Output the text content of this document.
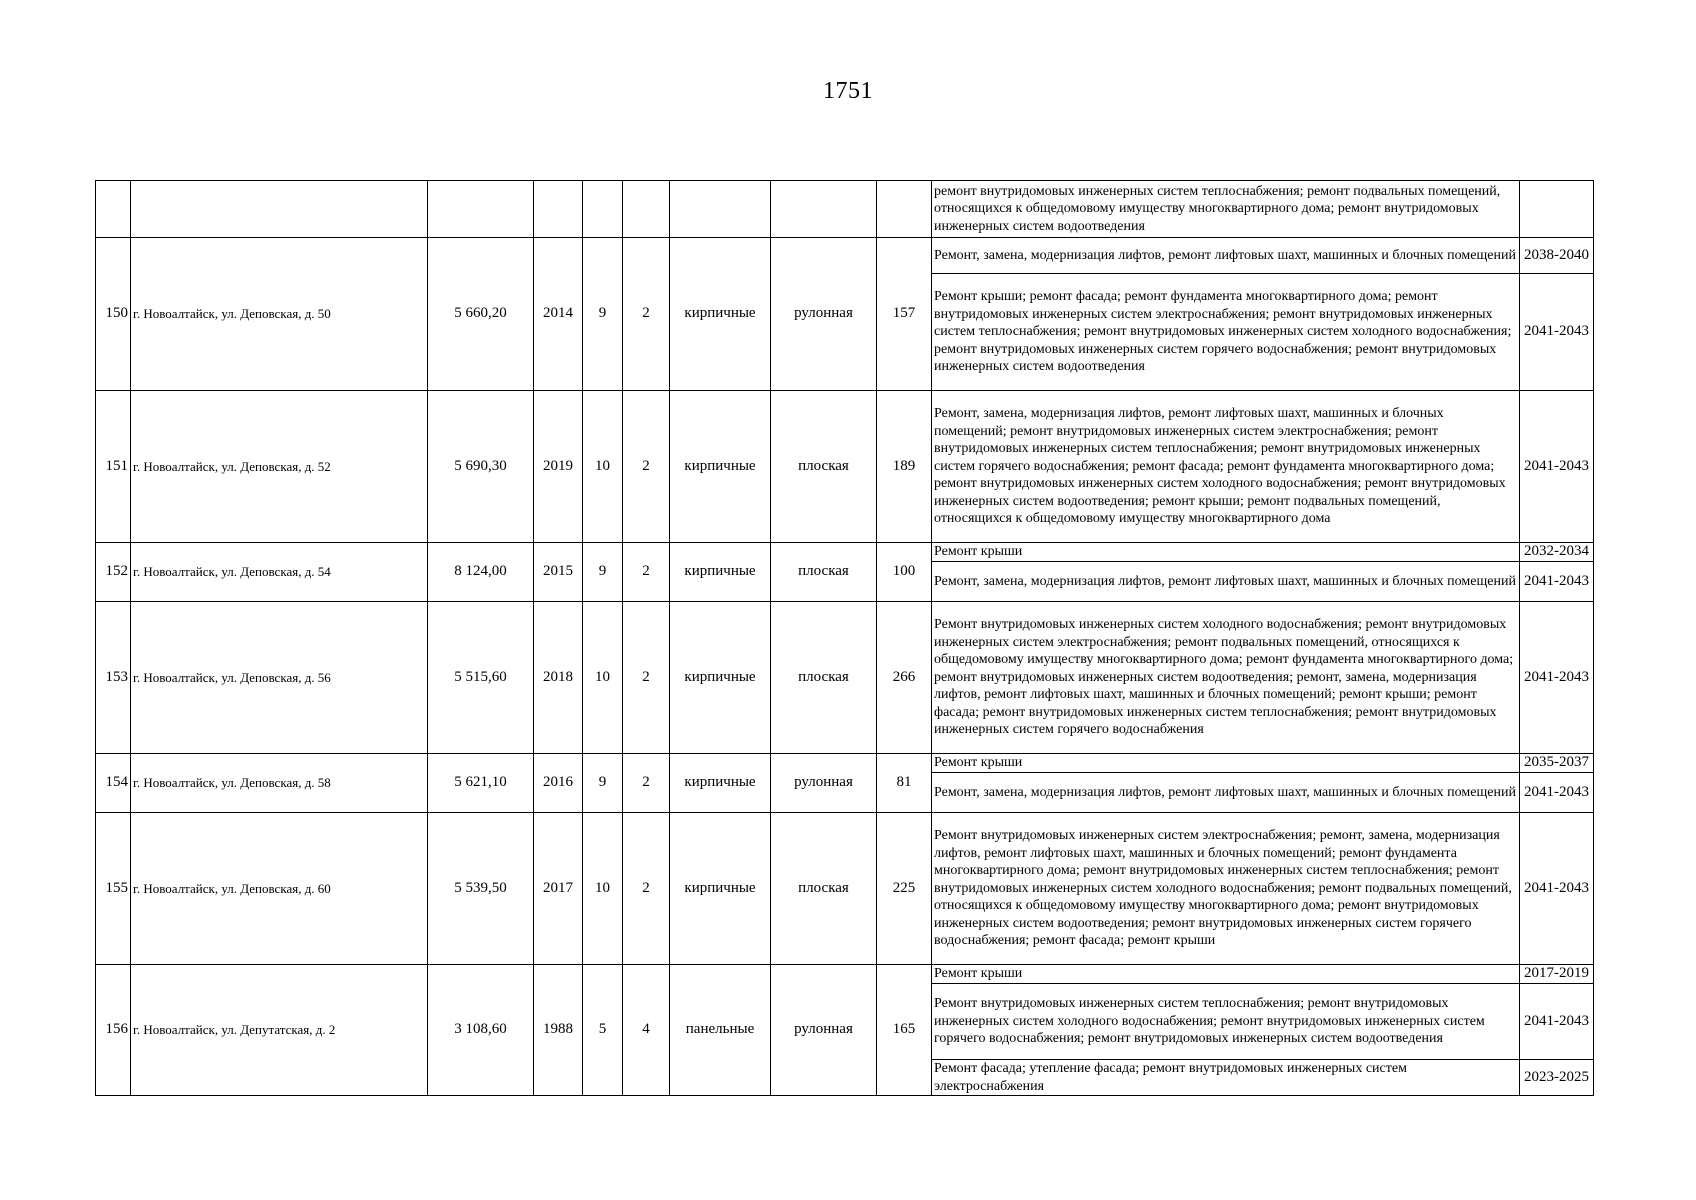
1751
									ремонт внутридомовых инженерных систем теплоснабжения; ремонт подвальных помещений, относящихся к общедомовому имуществу многоквартирного дома; ремонт внутридомовых инженерных систем водоотведения	
150	г. Новоалтайск, ул. Деповская, д. 50	5 660,20	2014	9	2	кирпичные	рулонная	157	Ремонт, замена, модернизация лифтов, ремонт лифтовых шахт, машинных и блочных помещений	2038-2040
									Ремонт крыши; ремонт фасада; ремонт фундамента многоквартирного дома; ремонт внутридомовых инженерных систем электроснабжения; ремонт внутридомовых инженерных систем теплоснабжения; ремонт внутридомовых инженерных систем холодного водоснабжения; ремонт внутридомовых инженерных систем горячего водоснабжения; ремонт внутридомовых инженерных систем водоотведения	2041-2043
151	г. Новоалтайск, ул. Деповская, д. 52	5 690,30	2019	10	2	кирпичные	плоская	189	Ремонт, замена, модернизация лифтов, ремонт лифтовых шахт, машинных и блочных помещений; ремонт внутридомовых инженерных систем электроснабжения; ремонт внутридомовых инженерных систем теплоснабжения; ремонт внутридомовых инженерных систем горячего водоснабжения; ремонт фасада; ремонт фундамента многоквартирного дома; ремонт внутридомовых инженерных систем холодного водоснабжения; ремонт внутридомовых инженерных систем водоотведения; ремонт крыши; ремонт подвальных помещений, относящихся к общедомовому имуществу многоквартирного дома	2041-2043
152	г. Новоалтайск, ул. Деповская, д. 54	8 124,00	2015	9	2	кирпичные	плоская	100	Ремонт крыши	2032-2034
									Ремонт, замена, модернизация лифтов, ремонт лифтовых шахт, машинных и блочных помещений	2041-2043
153	г. Новоалтайск, ул. Деповская, д. 56	5 515,60	2018	10	2	кирпичные	плоская	266	Ремонт внутридомовых инженерных систем холодного водоснабжения; ремонт внутридомовых инженерных систем электроснабжения; ремонт подвальных помещений, относящихся к общедомовому имуществу многоквартирного дома; ремонт фундамента многоквартирного дома; ремонт внутридомовых инженерных систем водоотведения; ремонт, замена, модернизация лифтов, ремонт лифтовых шахт, машинных и блочных помещений; ремонт крыши; ремонт фасада; ремонт внутридомовых инженерных систем теплоснабжения; ремонт внутридомовых инженерных систем горячего водоснабжения	2041-2043
154	г. Новоалтайск, ул. Деповская, д. 58	5 621,10	2016	9	2	кирпичные	рулонная	81	Ремонт крыши	2035-2037
									Ремонт, замена, модернизация лифтов, ремонт лифтовых шахт, машинных и блочных помещений	2041-2043
155	г. Новоалтайск, ул. Деповская, д. 60	5 539,50	2017	10	2	кирпичные	плоская	225	Ремонт внутридомовых инженерных систем электроснабжения; ремонт, замена, модернизация лифтов, ремонт лифтовых шахт, машинных и блочных помещений; ремонт фундамента многоквартирного дома; ремонт внутридомовых инженерных систем теплоснабжения; ремонт внутридомовых инженерных систем холодного водоснабжения; ремонт подвальных помещений, относящихся к общедомовому имуществу многоквартирного дома; ремонт внутридомовых инженерных систем водоотведения; ремонт внутридомовых инженерных систем горячего водоснабжения; ремонт фасада; ремонт крыши	2041-2043
156	г. Новоалтайск, ул. Депутатская, д. 2	3 108,60	1988	5	4	панельные	рулонная	165	Ремонт крыши	2017-2019
									Ремонт внутридомовых инженерных систем теплоснабжения; ремонт внутридомовых инженерных систем холодного водоснабжения; ремонт внутридомовых инженерных систем горячего водоснабжения; ремонт внутридомовых инженерных систем водоотведения	2041-2043
									Ремонт фасада; утепление фасада; ремонт внутридомовых инженерных систем электроснабжения	2023-2025
